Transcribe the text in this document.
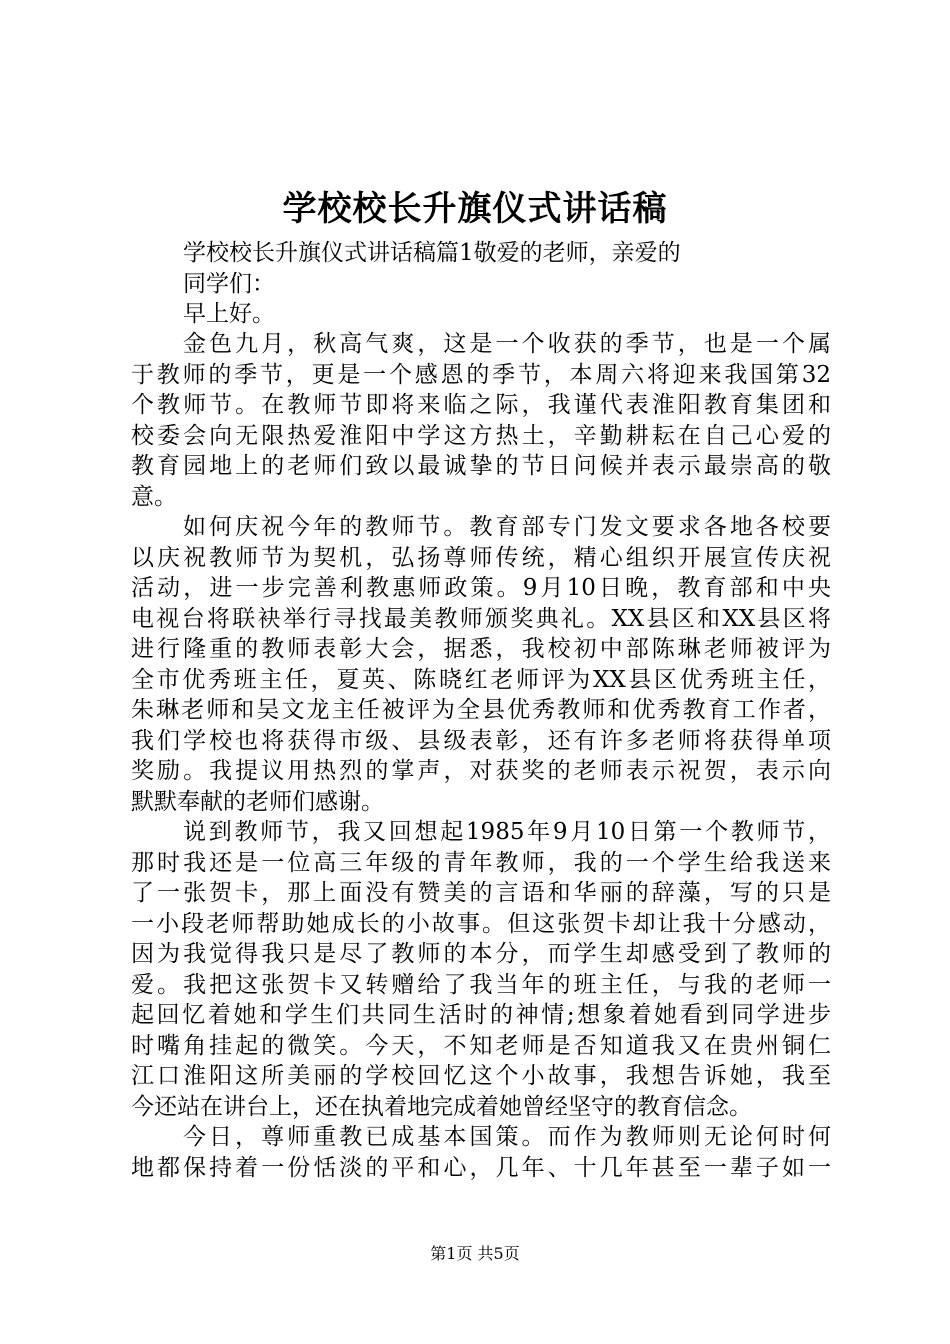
学校校长升旗仪式讲话稿

学校校长升旗仪式讲话稿篇1敬爱的老师，亲爱的

同学们：

早上好。

金色九月，秋高气爽，这是一个收获的季节，也是一个属
于教师的季节，更是一个感恩的季节，本周六将迎来我国第32
个教师节。在教师节即将来临之际，我谨代表淮阳教育集团和
校委会向无限热爱淮阳中学这方热土，辛勤耕耘在自己心爱的
教育园地上的老师们致以最诚挚的节日问候并表示最崇高的敬
意。
如何庆祝今年的教师节。教育部专门发文要求各地各校要
以庆祝教师节为契机，弘扬尊师传统，精心组织开展宣传庆祝
活动，进一步完善利教惠师政策。9月10日晚，教育部和中央
电视台将联袂举行寻找最美教师颁奖典礼。XX县区和XX县区将
进行隆重的教师表彰大会，据悉，我校初中部陈琳老师被评为
全市优秀班主任，夏英、陈晓红老师评为XX县区优秀班主任，
朱琳老师和吴文龙主任被评为全县优秀教师和优秀教育工作者，
我们学校也将获得市级、县级表彰，还有许多老师将获得单项
奖励。我提议用热烈的掌声，对获奖的老师表示祝贺，表示向
默默奉献的老师们感谢。
说到教师节，我又回想起1985年9月10日第一个教师节，
那时我还是一位高三年级的青年教师，我的一个学生给我送来
了一张贺卡，那上面没有赞美的言语和华丽的辞藻，写的只是
一小段老师帮助她成长的小故事。但这张贺卡却让我十分感动，
因为我觉得我只是尽了教师的本分，而学生却感受到了教师的
爱。我把这张贺卡又转赠给了我当年的班主任，与我的老师一
起回忆着她和学生们共同生活时的神情;想象着她看到同学进步
时嘴角挂起的微笑。今天，不知老师是否知道我又在贵州铜仁
江口淮阳这所美丽的学校回忆这个小故事，我想告诉她，我至
今还站在讲台上，还在执着地完成着她曾经坚守的教育信念。
今日，尊师重教已成基本国策。而作为教师则无论何时何
地都保持着一份恬淡的平和心，几年、十几年甚至一辈子如一
第1页 共5页
